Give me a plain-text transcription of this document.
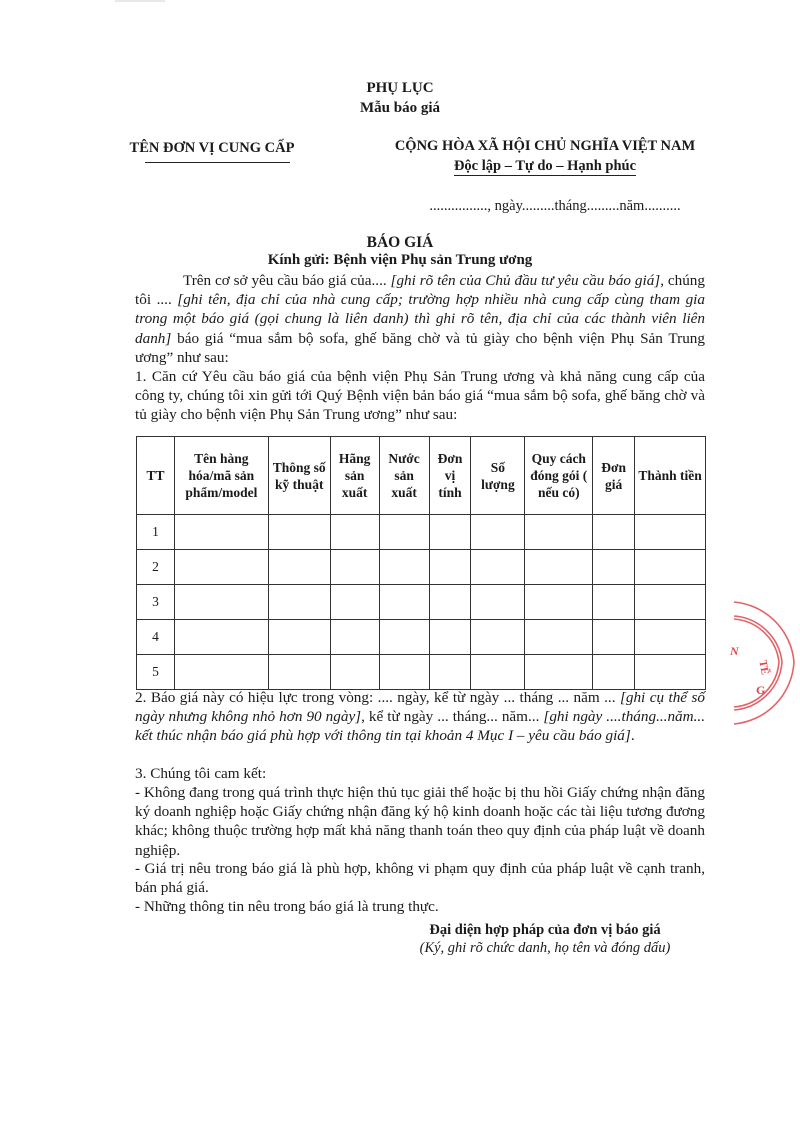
PHỤ LỤC
Mẫu báo giá
TÊN ĐƠN VỊ CUNG CẤP	CỘNG HÒA XÃ HỘI CHỦ NGHĨA VIỆT NAM
Độc lập – Tự do – Hạnh phúc
................, ngày.........tháng.........năm..........
BÁO GIÁ
Kính gửi: Bệnh viện Phụ sản Trung ương
Trên cơ sở yêu cầu báo giá của.... [ghi rõ tên của Chủ đầu tư yêu cầu báo giá], chúng tôi .... [ghi tên, địa chỉ của nhà cung cấp; trường hợp nhiều nhà cung cấp cùng tham gia trong một báo giá (gọi chung là liên danh) thì ghi rõ tên, địa chỉ của các thành viên liên danh] báo giá “mua sắm bộ sofa, ghế băng chờ và tủ giày cho bệnh viện Phụ Sản Trung ương” như sau:
1. Căn cứ Yêu cầu báo giá của bệnh viện Phụ Sản Trung ương và khả năng cung cấp của công ty, chúng tôi xin gửi tới Quý Bệnh viện bản báo giá “mua sắm bộ sofa, ghế băng chờ và tủ giày cho bệnh viện Phụ Sản Trung ương” như sau:
TT	Tên hàng hóa/mã sản phẩm/model	Thông số kỹ thuật	Hãng sản xuất	Nước sản xuất	Đơn vị tính	Số lượng	Quy cách đóng gói ( nếu có)	Đơn giá	Thành tiền
1									
2									
3									
4									
5									
2. Báo giá này có hiệu lực trong vòng: .... ngày, kể từ ngày ... tháng ... năm ... [ghi cụ thể số ngày nhưng không nhỏ hơn 90 ngày], kể từ ngày ... tháng... năm... [ghi ngày ....tháng...năm... kết thúc nhận báo giá phù hợp với thông tin tại khoản 4 Mục I – yêu cầu báo giá].
3. Chúng tôi cam kết:
- Không đang trong quá trình thực hiện thủ tục giải thể hoặc bị thu hồi Giấy chứng nhận đăng ký doanh nghiệp hoặc Giấy chứng nhận đăng ký hộ kinh doanh hoặc các tài liệu tương đương khác; không thuộc trường hợp mất khả năng thanh toán theo quy định của pháp luật về doanh nghiệp.
- Giá trị nêu trong báo giá là phù hợp, không vi phạm quy định của pháp luật về cạnh tranh, bán phá giá.
- Những thông tin nêu trong báo giá là trung thực.
Đại diện hợp pháp của đơn vị báo giá
(Ký, ghi rõ chức danh, họ tên và đóng dấu)
N
TẾ
G
